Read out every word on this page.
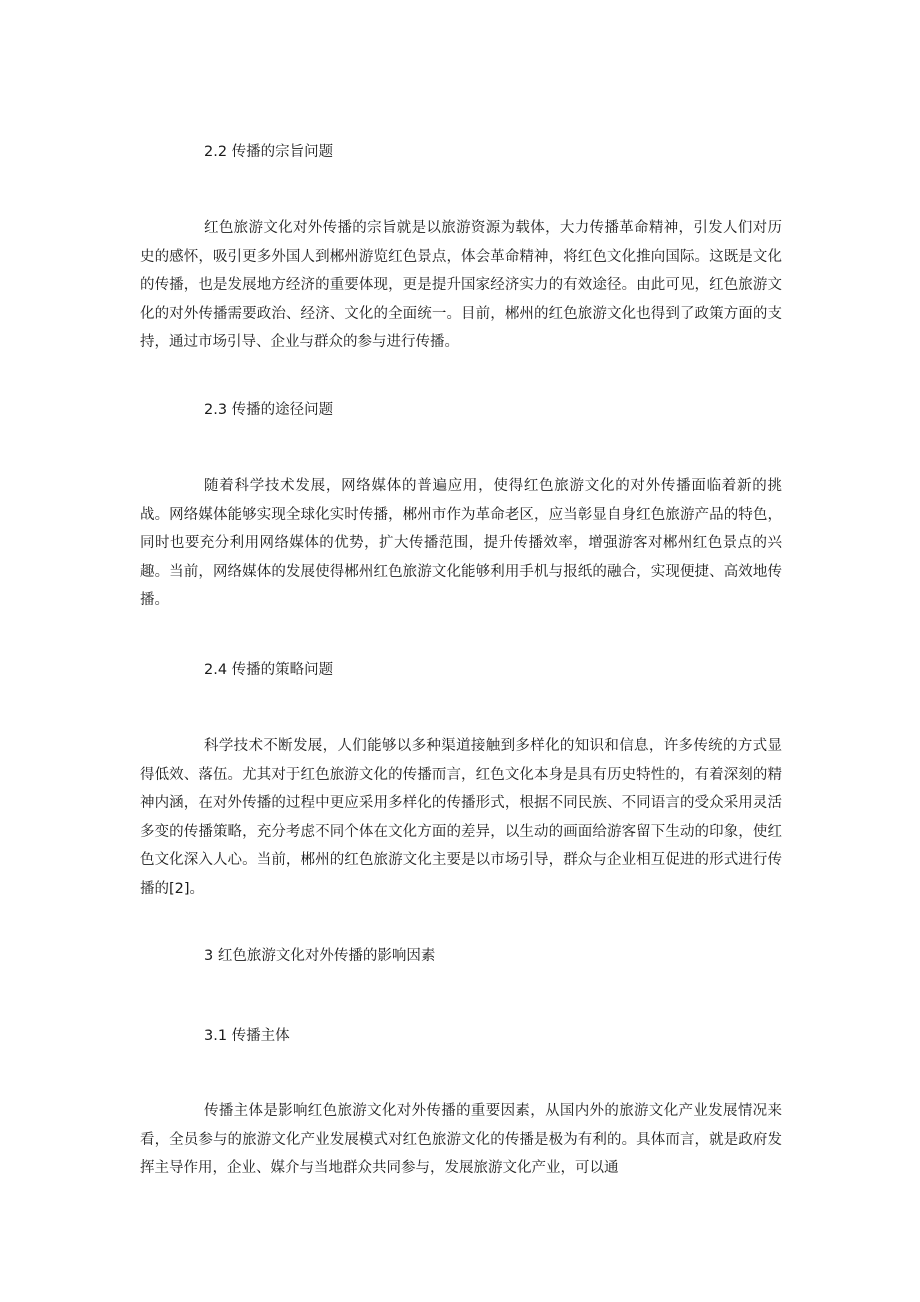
2.2 传播的宗旨问题
红色旅游文化对外传播的宗旨就是以旅游资源为载体，大力传播革命精神，引发人们对历史的感怀，吸引更多外国人到郴州游览红色景点，体会革命精神，将红色文化推向国际。这既是文化的传播，也是发展地方经济的重要体现，更是提升国家经济实力的有效途径。由此可见，红色旅游文化的对外传播需要政治、经济、文化的全面统一。目前，郴州的红色旅游文化也得到了政策方面的支持，通过市场引导、企业与群众的参与进行传播。
2.3 传播的途径问题
随着科学技术发展，网络媒体的普遍应用，使得红色旅游文化的对外传播面临着新的挑战。网络媒体能够实现全球化实时传播，郴州市作为革命老区，应当彰显自身红色旅游产品的特色，同时也要充分利用网络媒体的优势，扩大传播范围，提升传播效率，增强游客对郴州红色景点的兴趣。当前，网络媒体的发展使得郴州红色旅游文化能够利用手机与报纸的融合，实现便捷、高效地传播。
2.4 传播的策略问题
科学技术不断发展，人们能够以多种渠道接触到多样化的知识和信息，许多传统的方式显得低效、落伍。尤其对于红色旅游文化的传播而言，红色文化本身是具有历史特性的，有着深刻的精神内涵，在对外传播的过程中更应采用多样化的传播形式，根据不同民族、不同语言的受众采用灵活多变的传播策略，充分考虑不同个体在文化方面的差异，以生动的画面给游客留下生动的印象，使红色文化深入人心。当前，郴州的红色旅游文化主要是以市场引导，群众与企业相互促进的形式进行传播的[2]。
3 红色旅游文化对外传播的影响因素
3.1 传播主体
传播主体是影响红色旅游文化对外传播的重要因素，从国内外的旅游文化产业发展情况来看，全员参与的旅游文化产业发展模式对红色旅游文化的传播是极为有利的。具体而言，就是政府发挥主导作用，企业、媒介与当地群众共同参与，发展旅游文化产业，可以通
